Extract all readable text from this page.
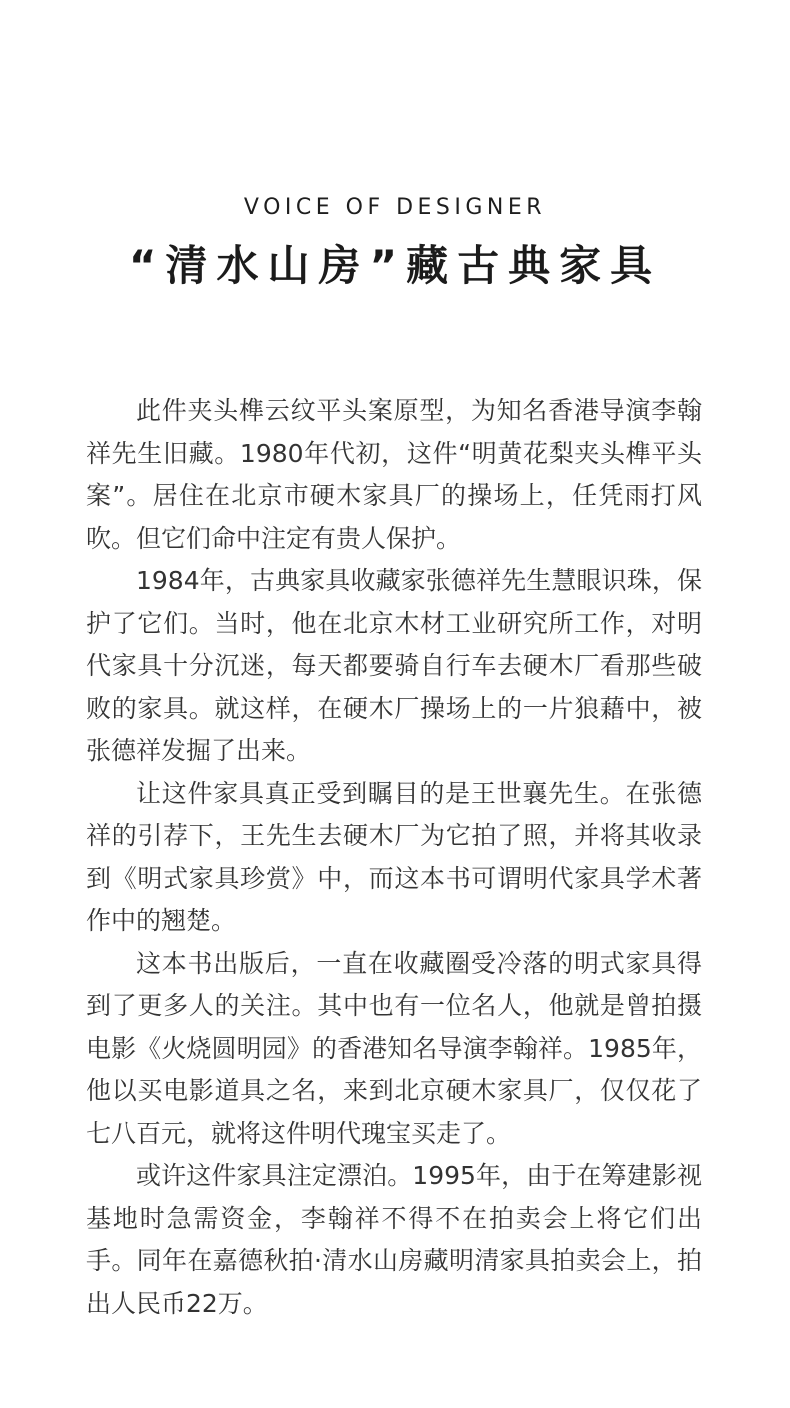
VOICE OF DESIGNER

“清水山房”藏古典家具

此件夹头榫云纹平头案原型，为知名香港导演李翰祥先生旧藏。1980年代初，这件“明黄花梨夹头榫平头案”。居住在北京市硬木家具厂的操场上，任凭雨打风吹。但它们命中注定有贵人保护。

1984年，古典家具收藏家张德祥先生慧眼识珠，保护了它们。当时，他在北京木材工业研究所工作，对明代家具十分沉迷，每天都要骑自行车去硬木厂看那些破败的家具。就这样，在硬木厂操场上的一片狼藉中，被张德祥发掘了出来。

让这件家具真正受到瞩目的是王世襄先生。在张德祥的引荐下，王先生去硬木厂为它拍了照，并将其收录到《明式家具珍赏》中，而这本书可谓明代家具学术著作中的翘楚。

这本书出版后，一直在收藏圈受冷落的明式家具得到了更多人的关注。其中也有一位名人，他就是曾拍摄电影《火烧圆明园》的香港知名导演李翰祥。1985年，他以买电影道具之名，来到北京硬木家具厂，仅仅花了七八百元，就将这件明代瑰宝买走了。

或许这件家具注定漂泊。1995年，由于在筹建影视基地时急需资金，李翰祥不得不在拍卖会上将它们出手。同年在嘉德秋拍·清水山房藏明清家具拍卖会上，拍出人民币22万。
